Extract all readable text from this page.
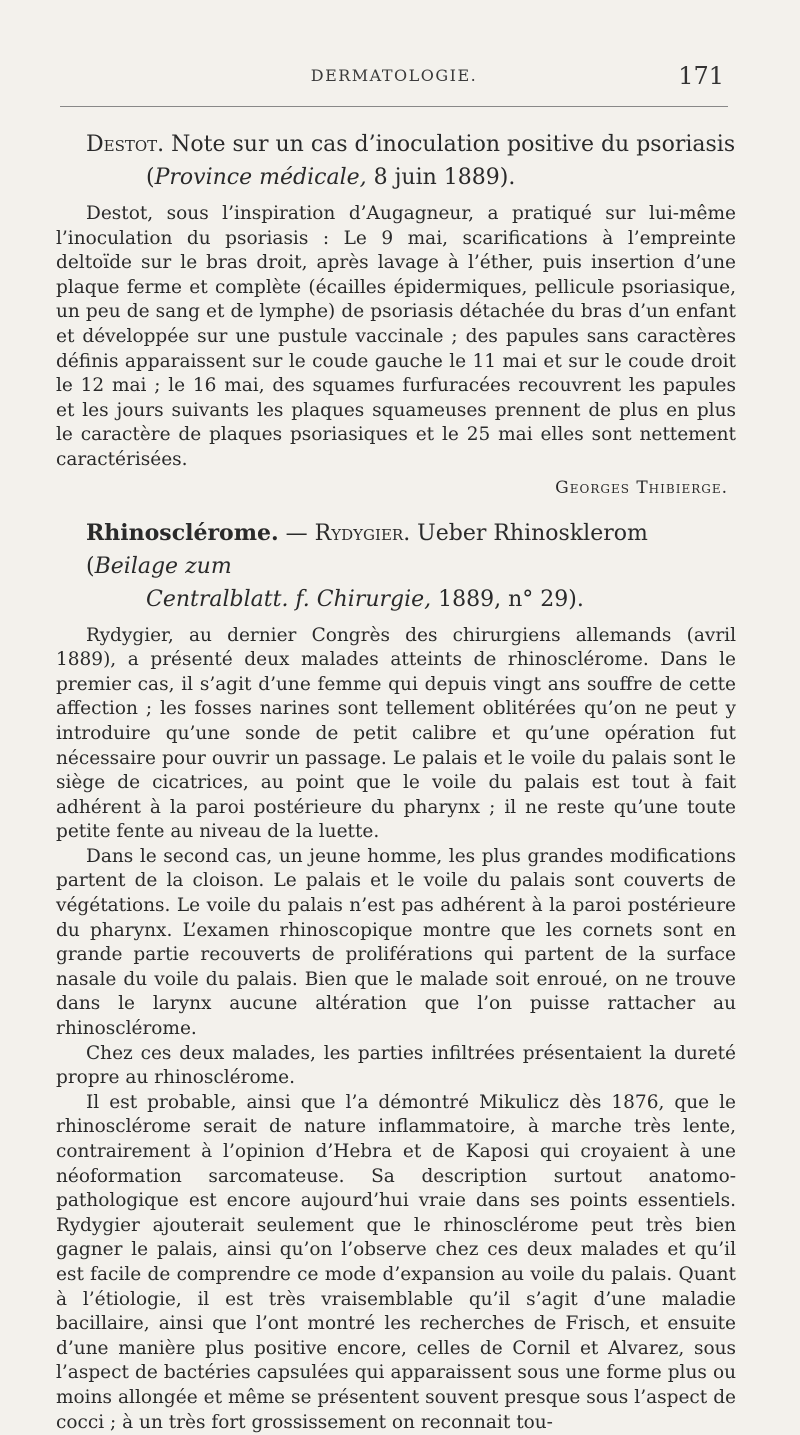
DERMATOLOGIE.	171
Destot. Note sur un cas d’inoculation positive du psoriasis
(Province médicale, 8 juin 1889).

Destot, sous l’inspiration d’Augagneur, a pratiqué sur lui-même l’inoculation du psoriasis : Le 9 mai, scarifications à l’empreinte deltoïde sur le bras droit, après lavage à l’éther, puis insertion d’une plaque ferme et complète (écailles épidermiques, pellicule psoriasique, un peu de sang et de lymphe) de psoriasis détachée du bras d’un enfant et développée sur une pustule vaccinale ; des papules sans caractères définis apparaissent sur le coude gauche le 11 mai et sur le coude droit le 12 mai ; le 16 mai, des squames furfuracées recouvrent les papules et les jours suivants les plaques squameuses prennent de plus en plus le caractère de plaques psoriasiques et le 25 mai elles sont nettement caractérisées.

Georges Thibierge.
Rhinosclérome. — Rydygier. Ueber Rhinosklerom (Beilage zum
Centralblatt. f. Chirurgie, 1889, n° 29).

Rydygier, au dernier Congrès des chirurgiens allemands (avril 1889), a présenté deux malades atteints de rhinosclérome. Dans le premier cas, il s’agit d’une femme qui depuis vingt ans souffre de cette affection ; les fosses narines sont tellement oblitérées qu’on ne peut y introduire qu’une sonde de petit calibre et qu’une opération fut nécessaire pour ouvrir un passage. Le palais et le voile du palais sont le siège de cicatrices, au point que le voile du palais est tout à fait adhérent à la paroi postérieure du pharynx ; il ne reste qu’une toute petite fente au niveau de la luette.

Dans le second cas, un jeune homme, les plus grandes modifications partent de la cloison. Le palais et le voile du palais sont couverts de végétations. Le voile du palais n’est pas adhérent à la paroi postérieure du pharynx. L’examen rhinoscopique montre que les cornets sont en grande partie recouverts de proliférations qui partent de la surface nasale du voile du palais. Bien que le malade soit enroué, on ne trouve dans le larynx aucune altération que l’on puisse rattacher au rhinosclérome.

Chez ces deux malades, les parties infiltrées présentaient la dureté propre au rhinosclérome.

Il est probable, ainsi que l’a démontré Mikulicz dès 1876, que le rhinosclérome serait de nature inflammatoire, à marche très lente, contrairement à l’opinion d’Hebra et de Kaposi qui croyaient à une néoformation sarcomateuse. Sa description surtout anatomo-pathologique est encore aujourd’hui vraie dans ses points essentiels. Rydygier ajouterait seulement que le rhinosclérome peut très bien gagner le palais, ainsi qu’on l’observe chez ces deux malades et qu’il est facile de comprendre ce mode d’expansion au voile du palais. Quant à l’étiologie, il est très vraisemblable qu’il s’agit d’une maladie bacillaire, ainsi que l’ont montré les recherches de Frisch, et ensuite d’une manière plus positive encore, celles de Cornil et Alvarez, sous l’aspect de bactéries capsulées qui apparaissent sous une forme plus ou moins allongée et même se présentent souvent presque sous l’aspect de cocci ; à un très fort grossissement on reconnait tou-
